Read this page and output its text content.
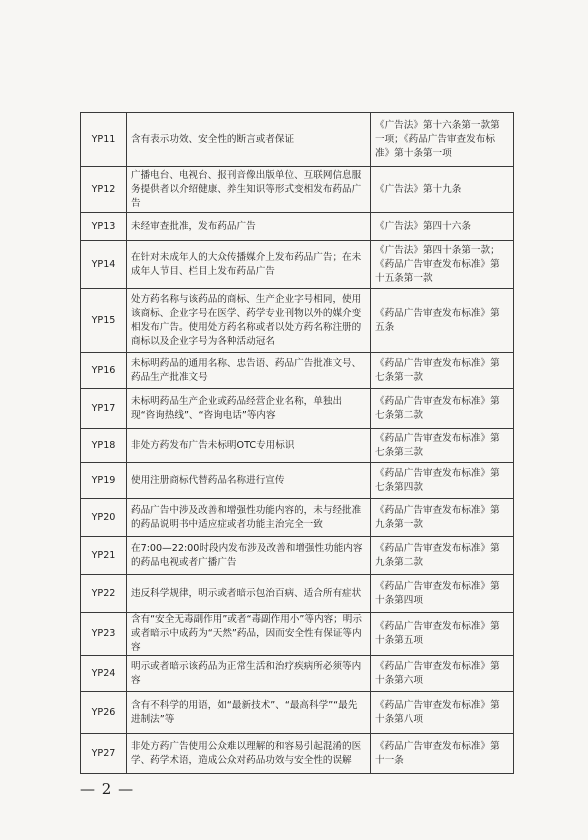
YP11	含有表示功效、安全性的断言或者保证	《广告法》第十六条第一款第一项；《药品广告审查发布标准》第十条第一项
YP12	广播电台、电视台、报刊音像出版单位、互联网信息服务提供者以介绍健康、养生知识等形式变相发布药品广告	《广告法》第十九条
YP13	未经审查批准，发布药品广告	《广告法》第四十六条
YP14	在针对未成年人的大众传播媒介上发布药品广告；在未成年人节目、栏目上发布药品广告	《广告法》第四十条第一款；《药品广告审查发布标准》第十五条第一款
YP15	处方药名称与该药品的商标、生产企业字号相同，使用该商标、企业字号在医学、药学专业刊物以外的媒介变相发布广告。使用处方药名称或者以处方药名称注册的商标以及企业字号为各种活动冠名	《药品广告审查发布标准》第五条
YP16	未标明药品的通用名称、忠告语、药品广告批准文号、药品生产批准文号	《药品广告审查发布标准》第七条第一款
YP17	未标明药品生产企业或药品经营企业名称，单独出现“咨询热线”、“咨询电话”等内容	《药品广告审查发布标准》第七条第二款
YP18	非处方药发布广告未标明OTC专用标识	《药品广告审查发布标准》第七条第三款
YP19	使用注册商标代替药品名称进行宣传	《药品广告审查发布标准》第七条第四款
YP20	药品广告中涉及改善和增强性功能内容的，未与经批准的药品说明书中适应症或者功能主治完全一致	《药品广告审查发布标准》第九条第一款
YP21	在7:00—22:00时段内发布涉及改善和增强性功能内容的药品电视或者广播广告	《药品广告审查发布标准》第九条第二款
YP22	违反科学规律，明示或者暗示包治百病、适合所有症状	《药品广告审查发布标准》第十条第四项
YP23	含有“安全无毒副作用”或者“毒副作用小”等内容；明示或者暗示中成药为“天然”药品，因而安全性有保证等内容	《药品广告审查发布标准》第十条第五项
YP24	明示或者暗示该药品为正常生活和治疗疾病所必须等内容	《药品广告审查发布标准》第十条第六项
YP26	含有不科学的用语，如“最新技术”、“最高科学”“最先进制法”等	《药品广告审查发布标准》第十条第八项
YP27	非处方药广告使用公众难以理解的和容易引起混淆的医学、药学术语，造成公众对药品功效与安全性的误解	《药品广告审查发布标准》第十一条
— 2 —
